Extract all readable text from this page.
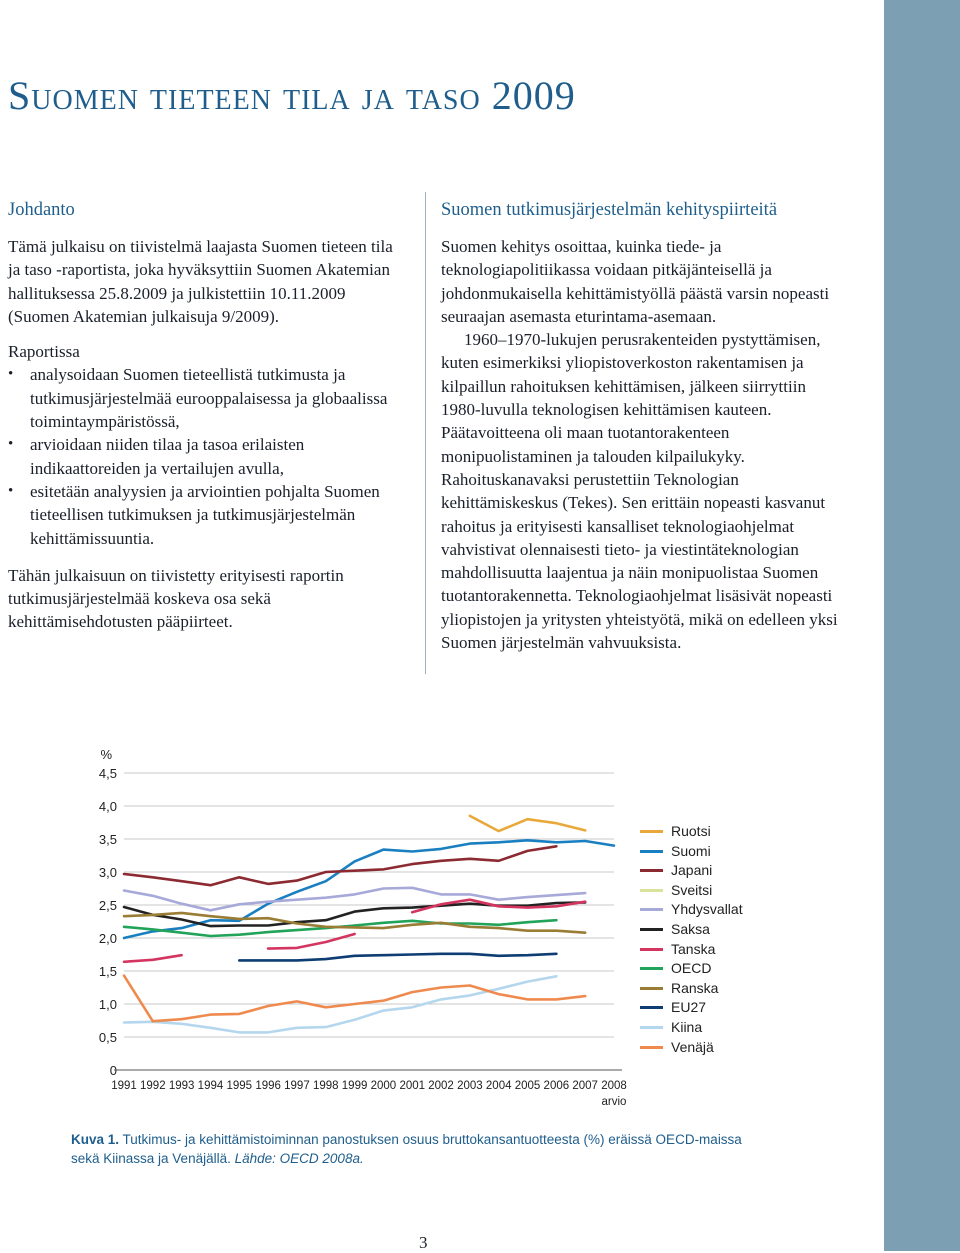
Suomen tieteen tila ja taso 2009
Johdanto

Tämä julkaisu on tiivistelmä laajasta Suomen tieteen tila ja taso -raportista, joka hyväksyttiin Suomen Akatemian hallituksessa 25.8.2009 ja julkistettiin 10.11.2009 (Suomen Akatemian julkaisuja 9/2009).

Raportissa

• analysoidaan Suomen tieteellistä tutkimusta ja tutkimusjärjestelmää eurooppalaisessa ja globaalissa toimintaympäristössä,
• arvioidaan niiden tilaa ja tasoa erilaisten indikaattoreiden ja vertailujen avulla,
• esitetään analyysien ja arviointien pohjalta Suomen tieteellisen tutkimuksen ja tutkimusjärjestelmän kehittämissuuntia.

Tähän julkaisuun on tiivistetty erityisesti raportin tutkimusjärjestelmää koskeva osa sekä kehittämisehdotusten pääpiirteet.

Suomen tutkimusjärjestelmän kehityspiirteitä

Suomen kehitys osoittaa, kuinka tiede- ja teknologiapolitiikassa voidaan pitkäjänteisellä ja johdonmukaisella kehittämistyöllä päästä varsin nopeasti seuraajan asemasta eturintama-asemaan.

1960–1970-lukujen perusrakenteiden pystyttämisen, kuten esimerkiksi yliopistoverkoston rakentamisen ja kilpaillun rahoituksen kehittämisen, jälkeen siirryttiin 1980-luvulla teknologisen kehittämisen kauteen. Päätavoitteena oli maan tuotantorakenteen monipuolistaminen ja talouden kilpailukyky. Rahoituskanavaksi perustettiin Teknologian kehittämiskeskus (Tekes). Sen erittäin nopeasti kasvanut rahoitus ja erityisesti kansalliset teknologiaohjelmat vahvistivat olennaisesti tieto- ja viestintäteknologian mahdollisuutta laajentua ja näin monipuolistaa Suomen tuotantorakennetta. Teknologiaohjelmat lisäsivät nopeasti yliopistojen ja yritysten yhteistyötä, mikä on edelleen yksi Suomen järjestelmän vahvuuksista.

0
0,5
1,0
1,5
2,0
2,5
3,0
3,5
4,0
4,5
%
1991 1992 1993 1994 1995 1996 1997 1998 1999 2000 2001 2002 2003 2004 2005 2006 2007 2008
arvio
Ruotsi
Suomi
Japani
Sveitsi
Yhdysvallat
Saksa
Tanska
OECD
Ranska
EU27
Kiina
Venäjä
Kuva 1. Tutkimus- ja kehittämistoiminnan panostuksen osuus bruttokansantuotteesta (%) eräissä OECD-maissa sekä Kiinassa ja Venäjällä. Lähde: OECD 2008a.
3
